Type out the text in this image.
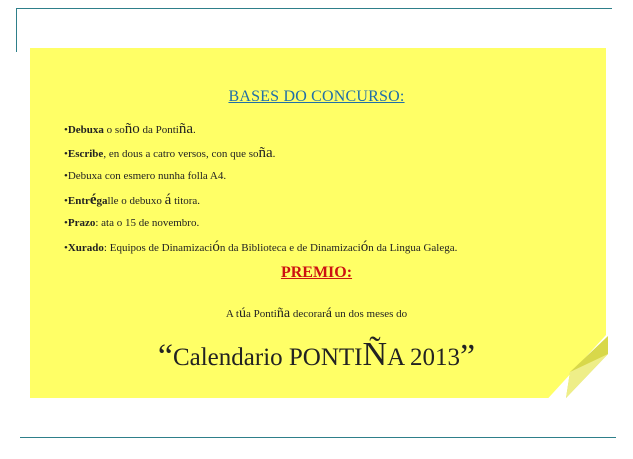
BASES DO CONCURSO:
•Debuxa o soño da Pontiña.
•Escribe, en dous a catro versos, con que soña.
•Debuxa con esmero nunha folla A4.
•Entrégalle o debuxo á titora.
•Prazo: ata o 15 de novembro.
•Xurado: Equipos de Dinamización da Biblioteca e de Dinamización da Lingua Galega.
PREMIO:
A túa Pontiña decorará un dos meses do
“Calendario PONTIÑA 2013”
